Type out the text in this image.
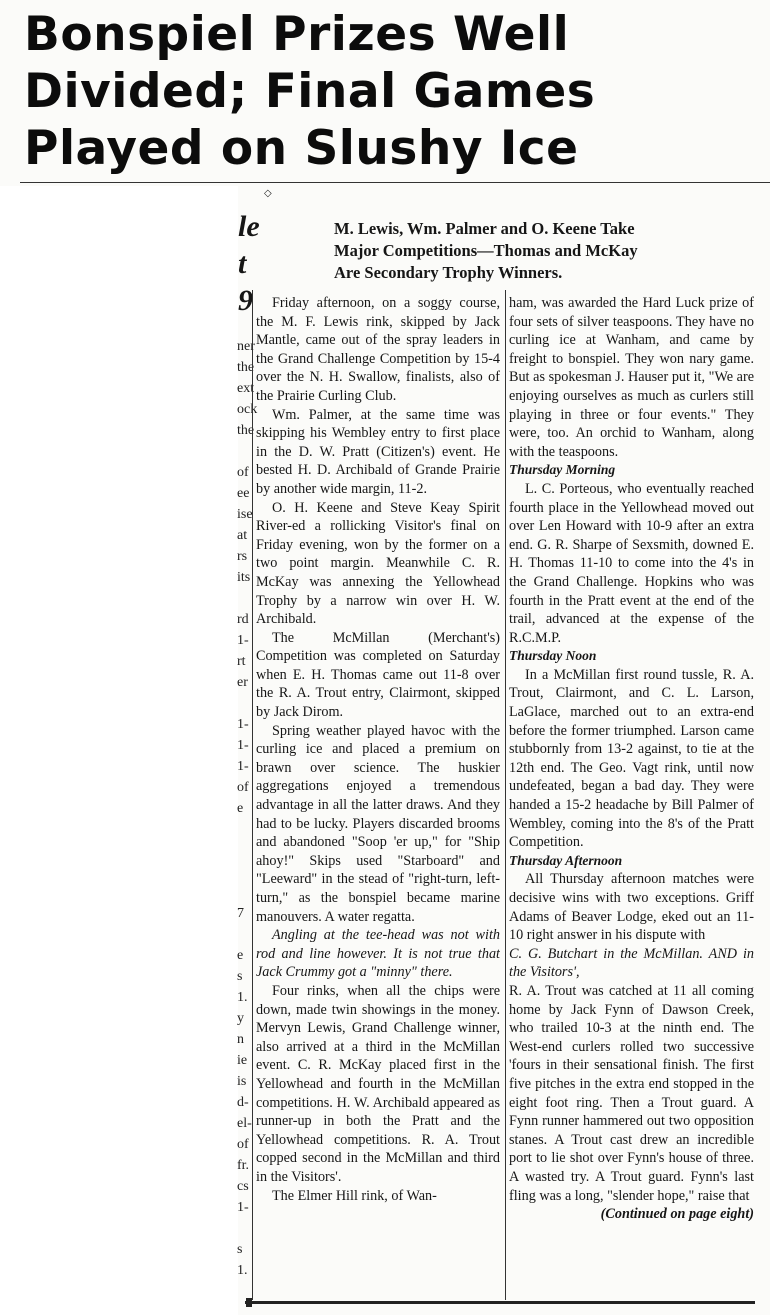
Bonspiel Prizes Well
Divided; Final Games
Played on Slushy Ice
◇
le
t
9
ner
the
ext
ock
the

of
ee
ise
at
rs
its

rd
1-
rt
er

1-
1-
1-
of
e

7

e
s
1.
y
n
ie
is
d-
el-
of
fr.
cs
1-

s
1.
M. Lewis, Wm. Palmer and O. Keene Take
Major Competitions—Thomas and McKay
Are Secondary Trophy Winners.

Friday afternoon, on a soggy course, the M. F. Lewis rink, skipped by Jack Mantle, came out of the spray leaders in the Grand Challenge Competition by 15-4 over the N. H. Swallow, finalists, also of the Prairie Curling Club.

Wm. Palmer, at the same time was skipping his Wembley entry to first place in the D. W. Pratt (Citizen's) event. He bested H. D. Archibald of Grande Prairie by another wide margin, 11-2.

O. H. Keene and Steve Keay Spirit River-ed a rollicking Visitor's final on Friday evening, won by the former on a two point margin. Meanwhile C. R. McKay was annexing the Yellowhead Trophy by a narrow win over H. W. Archibald.

The McMillan (Merchant's) Competition was completed on Saturday when E. H. Thomas came out 11-8 over the R. A. Trout entry, Clairmont, skipped by Jack Dirom.

Spring weather played havoc with the curling ice and placed a premium on brawn over science. The huskier aggregations enjoyed a tremendous advantage in all the latter draws. And they had to be lucky. Players discarded brooms and abandoned "Soop 'er up," for "Ship ahoy!" Skips used "Starboard" and "Leeward" in the stead of "right-turn, left-turn," as the bonspiel became marine manouvers. A water regatta.

Angling at the tee-head was not with rod and line however. It is not true that Jack Crummy got a "minny" there.

Four rinks, when all the chips were down, made twin showings in the money. Mervyn Lewis, Grand Challenge winner, also arrived at a third in the McMillan event. C. R. McKay placed first in the Yellowhead and fourth in the McMillan competitions. H. W. Archibald appeared as runner-up in both the Pratt and the Yellowhead competitions. R. A. Trout copped second in the McMillan and third in the Visitors'.

The Elmer Hill rink, of Wan-

ham, was awarded the Hard Luck prize of four sets of silver teaspoons. They have no curling ice at Wanham, and came by freight to bonspiel. They won nary game. But as spokesman J. Hauser put it, "We are enjoying ourselves as much as curlers still playing in three or four events." They were, too. An orchid to Wanham, along with the teaspoons.

Thursday Morning

L. C. Porteous, who eventually reached fourth place in the Yellowhead moved out over Len Howard with 10-9 after an extra end. G. R. Sharpe of Sexsmith, downed E. H. Thomas 11-10 to come into the 4's in the Grand Challenge. Hopkins who was fourth in the Pratt event at the end of the trail, advanced at the expense of the R.C.M.P.

Thursday Noon

In a McMillan first round tussle, R. A. Trout, Clairmont, and C. L. Larson, LaGlace, marched out to an extra-end before the former triumphed. Larson came stubbornly from 13-2 against, to tie at the 12th end. The Geo. Vagt rink, until now undefeated, began a bad day. They were handed a 15-2 headache by Bill Palmer of Wembley, coming into the 8's of the Pratt Competition.

Thursday Afternoon

All Thursday afternoon matches were decisive wins with two exceptions. Griff Adams of Beaver Lodge, eked out an 11-10 right answer in his dispute with

C. G. Butchart in the McMillan. AND in the Visitors',

R. A. Trout was catched at 11 all coming home by Jack Fynn of Dawson Creek, who trailed 10-3 at the ninth end. The West-end curlers rolled two successive 'fours in their sensational finish. The first five pitches in the extra end stopped in the eight foot ring. Then a Trout guard. A Fynn runner hammered out two opposition stanes. A Trout cast drew an incredible port to lie shot over Fynn's house of three. A wasted try. A Trout guard. Fynn's last fling was a long, "slender hope," raise that

(Continued on page eight)
